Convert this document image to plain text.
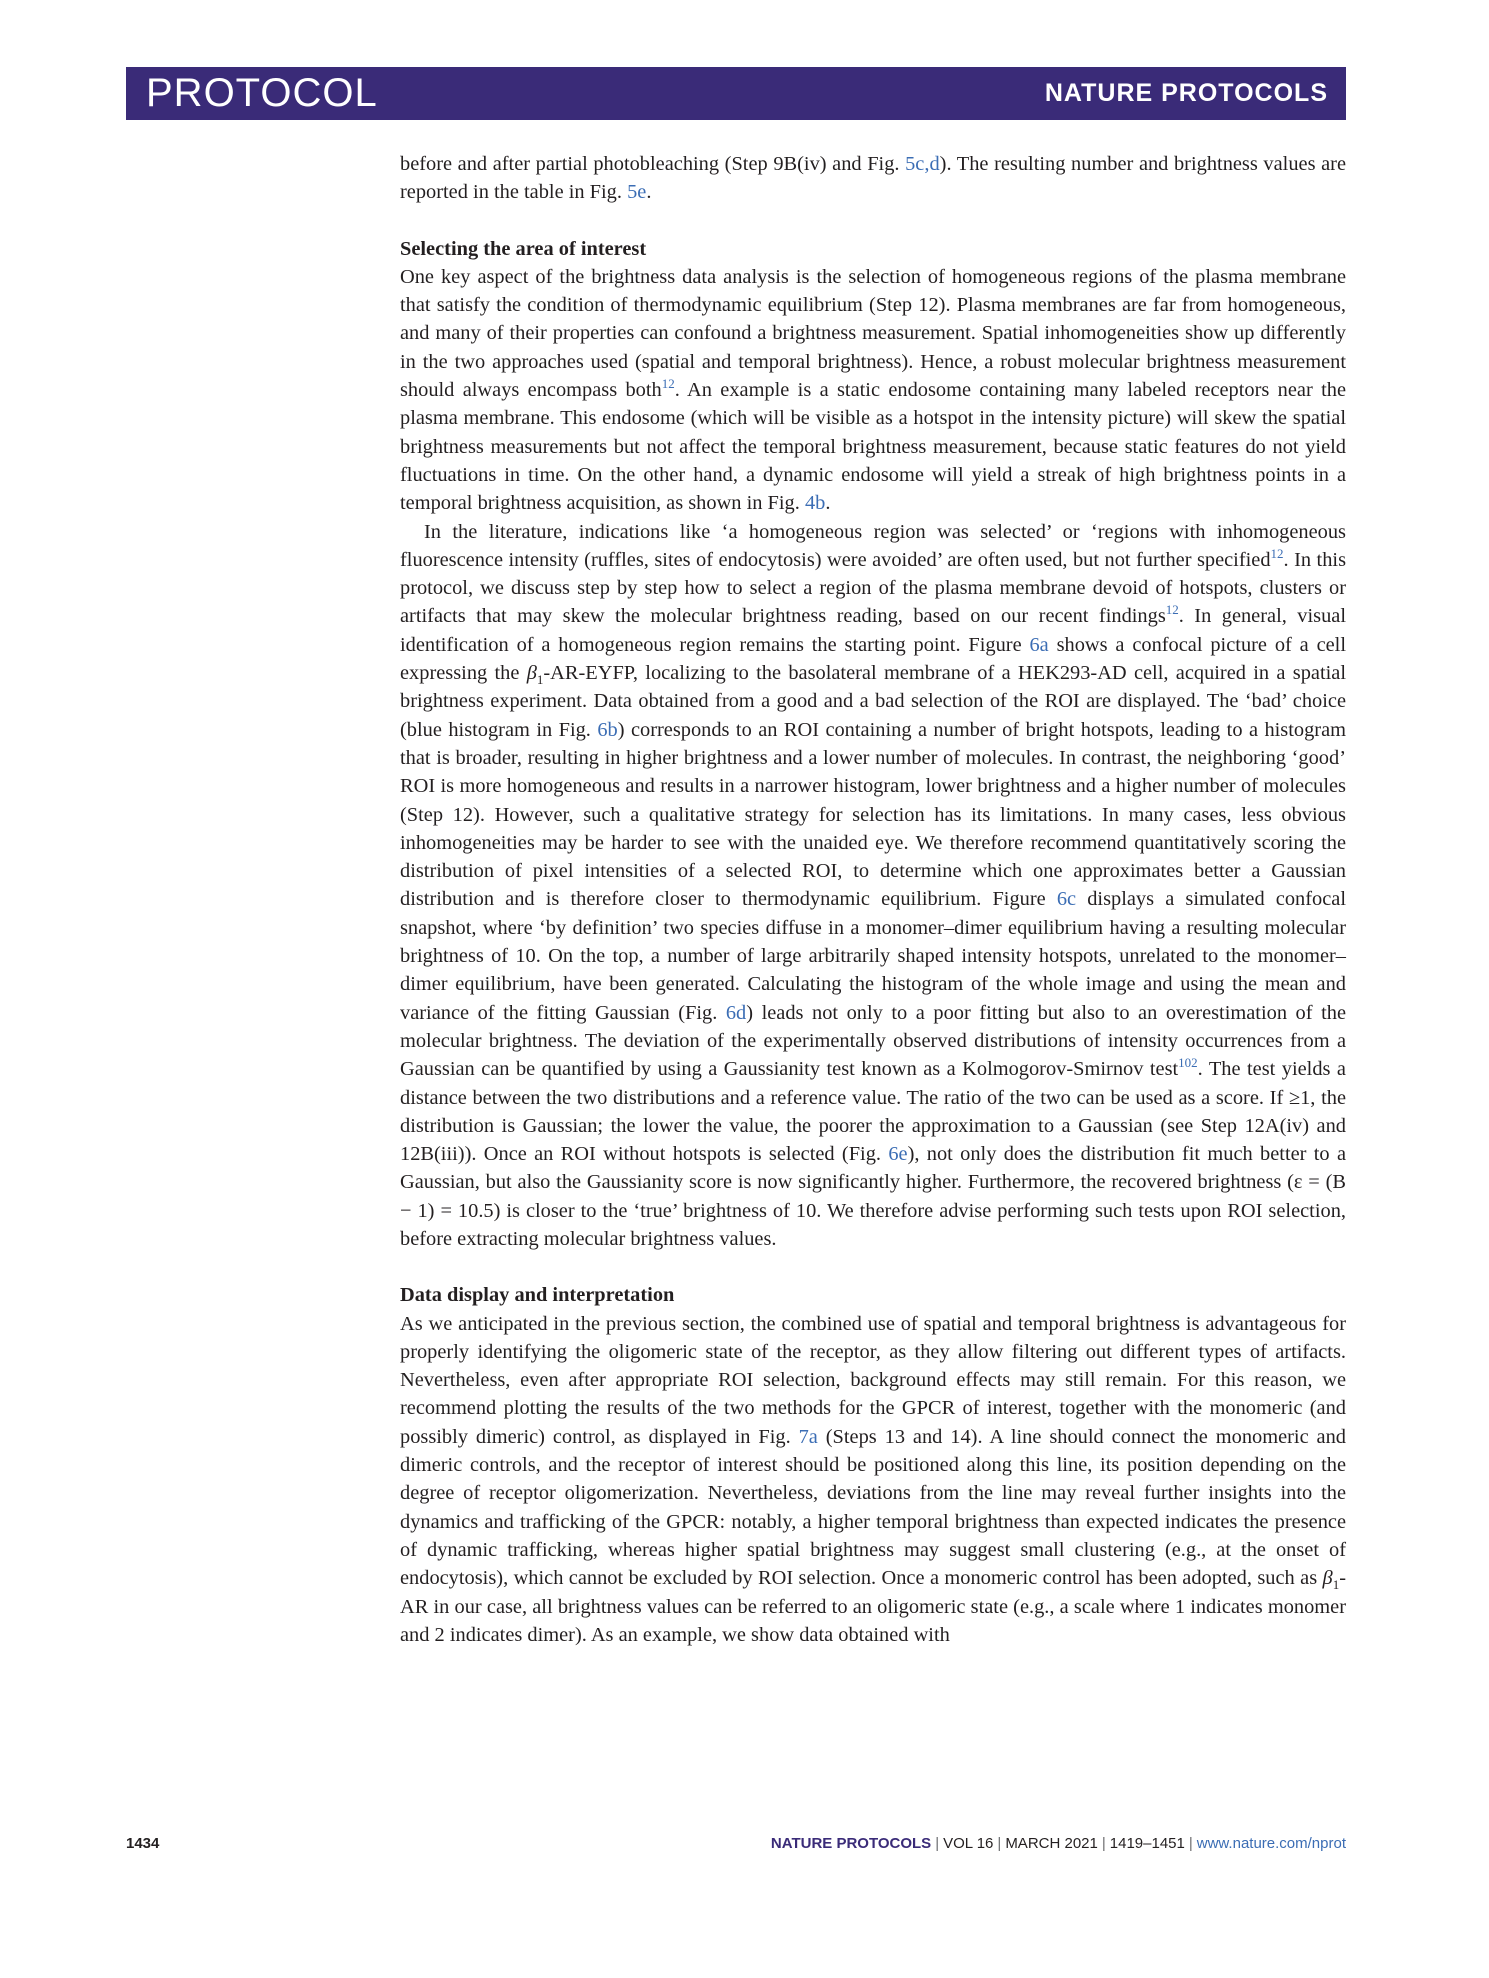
PROTOCOL	NATURE PROTOCOLS

before and after partial photobleaching (Step 9B(iv) and Fig. 5c,d). The resulting number and brightness values are reported in the table in Fig. 5e.

Selecting the area of interest

One key aspect of the brightness data analysis is the selection of homogeneous regions of the plasma membrane that satisfy the condition of thermodynamic equilibrium (Step 12). Plasma membranes are far from homogeneous, and many of their properties can confound a brightness measurement. Spatial inhomogeneities show up differently in the two approaches used (spatial and temporal brightness). Hence, a robust molecular brightness measurement should always encompass both$^{12}$. An example is a static endosome containing many labeled receptors near the plasma membrane. This endosome (which will be visible as a hotspot in the intensity picture) will skew the spatial brightness measurements but not affect the temporal brightness measurement, because static features do not yield fluctuations in time. On the other hand, a dynamic endosome will yield a streak of high brightness points in a temporal brightness acquisition, as shown in Fig. 4b.

In the literature, indications like ‘a homogeneous region was selected’ or ‘regions with inhomogeneous fluorescence intensity (ruffles, sites of endocytosis) were avoided’ are often used, but not further specified$^{12}$. In this protocol, we discuss step by step how to select a region of the plasma membrane devoid of hotspots, clusters or artifacts that may skew the molecular brightness reading, based on our recent findings$^{12}$. In general, visual identification of a homogeneous region remains the starting point. Figure 6a shows a confocal picture of a cell expressing the $\beta_1-AR$-EYFP, localizing to the basolateral membrane of a HEK293-AD cell, acquired in a spatial brightness experiment. Data obtained from a good and a bad selection of the ROI are displayed. The ‘bad’ choice (blue histogram in Fig. 6b) corresponds to an ROI containing a number of bright hotspots, leading to a histogram that is broader, resulting in higher brightness and a lower number of molecules. In contrast, the neighboring ‘good’ ROI is more homogeneous and results in a narrower histogram, lower brightness and a higher number of molecules (Step 12). However, such a qualitative strategy for selection has its limitations. In many cases, less obvious inhomogeneities may be harder to see with the unaided eye. We therefore recommend quantitatively scoring the distribution of pixel intensities of a selected ROI, to determine which one approximates better a Gaussian distribution and is therefore closer to thermodynamic equilibrium. Figure 6c displays a simulated confocal snapshot, where ‘by definition’ two species diffuse in a monomer–dimer equilibrium having a resulting molecular brightness of 10. On the top, a number of large arbitrarily shaped intensity hotspots, unrelated to the monomer–dimer equilibrium, have been generated. Calculating the histogram of the whole image and using the mean and variance of the fitting Gaussian (Fig. 6d) leads not only to a poor fitting but also to an overestimation of the molecular brightness. The deviation of the experimentally observed distributions of intensity occurrences from a Gaussian can be quantified by using a Gaussianity test known as a Kolmogorov-Smirnov test$^{102}$. The test yields a distance between the two distributions and a reference value. The ratio of the two can be used as a score. If ≥1, the distribution is Gaussian; the lower the value, the poorer the approximation to a Gaussian (see Step 12A(iv) and 12B(iii)). Once an ROI without hotspots is selected (Fig. 6e), not only does the distribution fit much better to a Gaussian, but also the Gaussianity score is now significantly higher. Furthermore, the recovered brightness (ε = (B − 1) = 10.5) is closer to the ‘true’ brightness of 10. We therefore advise performing such tests upon ROI selection, before extracting molecular brightness values.

Data display and interpretation

As we anticipated in the previous section, the combined use of spatial and temporal brightness is advantageous for properly identifying the oligomeric state of the receptor, as they allow filtering out different types of artifacts. Nevertheless, even after appropriate ROI selection, background effects may still remain. For this reason, we recommend plotting the results of the two methods for the GPCR of interest, together with the monomeric (and possibly dimeric) control, as displayed in Fig. 7a (Steps 13 and 14). A line should connect the monomeric and dimeric controls, and the receptor of interest should be positioned along this line, its position depending on the degree of receptor oligomerization. Nevertheless, deviations from the line may reveal further insights into the dynamics and trafficking of the GPCR: notably, a higher temporal brightness than expected indicates the presence of dynamic trafficking, whereas higher spatial brightness may suggest small clustering (e.g., at the onset of endocytosis), which cannot be excluded by ROI selection. Once a monomeric control has been adopted, such as $\beta_1-AR$ in our case, all brightness values can be referred to an oligomeric state (e.g., a scale where 1 indicates monomer and 2 indicates dimer). As an example, we show data obtained with

1434	NATURE PROTOCOLS | VOL 16 | MARCH 2021 | 1419–1451 | www.nature.com/nprot
